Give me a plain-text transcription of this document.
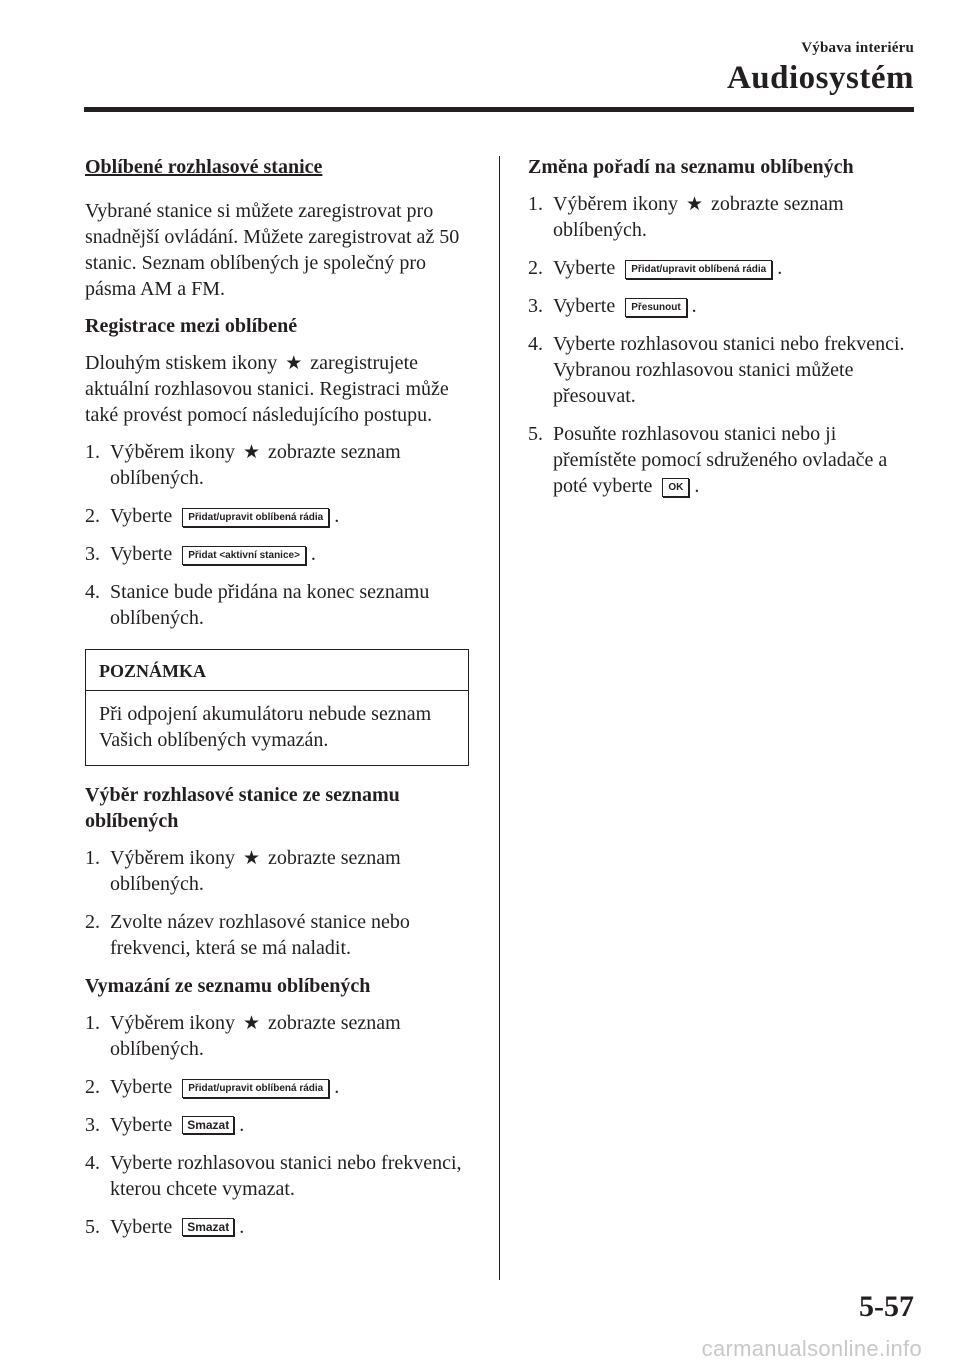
Výbava interiéru
Audiosystém
Oblíbené rozhlasové stanice
Vybrané stanice si můžete zaregistrovat pro snadnější ovládání. Můžete zaregistrovat až 50 stanic. Seznam oblíbených je společný pro pásma AM a FM.
Registrace mezi oblíbené
Dlouhým stiskem ikony ★ zaregistrujete aktuální rozhlasovou stanici. Registraci může také provést pomocí následujícího postupu.
1. Výběrem ikony ★ zobrazte seznam oblíbených.
2. Vyberte Přidat/upravit oblíbená rádia .
3. Vyberte Přidat <aktivní stanice> .
4. Stanice bude přidána na konec seznamu oblíbených.
POZNÁMKA
Při odpojení akumulátoru nebude seznam Vašich oblíbených vymazán.
Výběr rozhlasové stanice ze seznamu oblíbených
1. Výběrem ikony ★ zobrazte seznam oblíbených.
2. Zvolte název rozhlasové stanice nebo frekvenci, která se má naladit.
Vymazání ze seznamu oblíbených
1. Výběrem ikony ★ zobrazte seznam oblíbených.
2. Vyberte Přidat/upravit oblíbená rádia .
3. Vyberte Smazat .
4. Vyberte rozhlasovou stanici nebo frekvenci, kterou chcete vymazat.
5. Vyberte Smazat .
Změna pořadí na seznamu oblíbených
1. Výběrem ikony ★ zobrazte seznam oblíbených.
2. Vyberte Přidat/upravit oblíbená rádia .
3. Vyberte Přesunout .
4. Vyberte rozhlasovou stanici nebo frekvenci. Vybranou rozhlasovou stanici můžete přesouvat.
5. Posuňte rozhlasovou stanici nebo ji přemístěte pomocí sdruženého ovladače a poté vyberte OK .
5-57
carmanualsonline.info
